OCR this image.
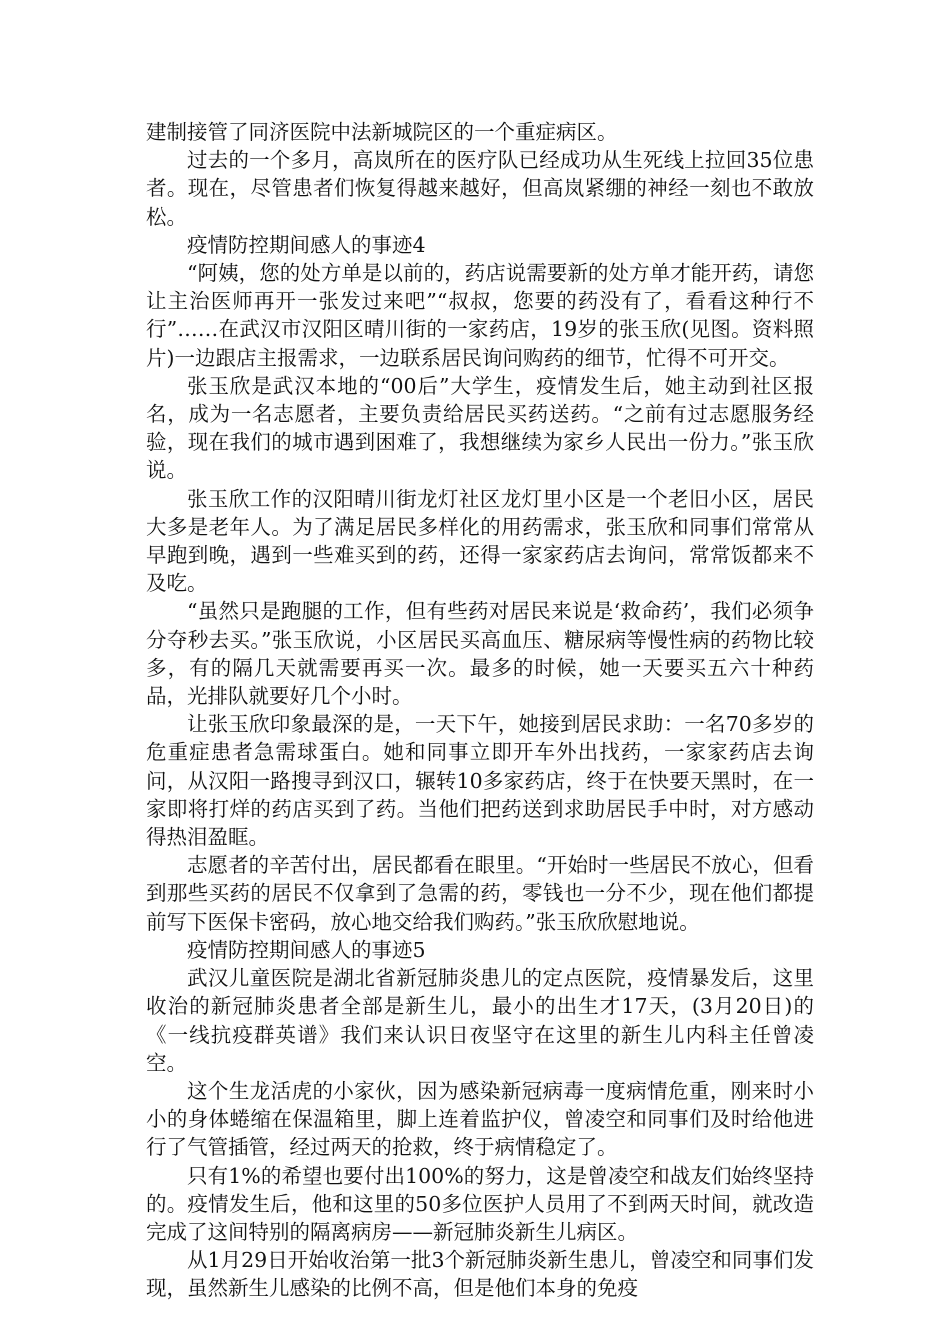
建制接管了同济医院中法新城院区的一个重症病区。

过去的一个多月，高岚所在的医疗队已经成功从生死线上拉回35位患者。现在，尽管患者们恢复得越来越好，但高岚紧绷的神经一刻也不敢放松。

疫情防控期间感人的事迹4

“阿姨，您的处方单是以前的，药店说需要新的处方单才能开药，请您让主治医师再开一张发过来吧”“叔叔，您要的药没有了，看看这种行不行”……在武汉市汉阳区晴川街的一家药店，19岁的张玉欣(见图。资料照片)一边跟店主报需求，一边联系居民询问购药的细节，忙得不可开交。

张玉欣是武汉本地的“00后”大学生，疫情发生后，她主动到社区报名，成为一名志愿者，主要负责给居民买药送药。“之前有过志愿服务经验，现在我们的城市遇到困难了，我想继续为家乡人民出一份力。”张玉欣说。

张玉欣工作的汉阳晴川街龙灯社区龙灯里小区是一个老旧小区，居民大多是老年人。为了满足居民多样化的用药需求，张玉欣和同事们常常从早跑到晚，遇到一些难买到的药，还得一家家药店去询问，常常饭都来不及吃。

“虽然只是跑腿的工作，但有些药对居民来说是‘救命药’，我们必须争分夺秒去买。”张玉欣说，小区居民买高血压、糖尿病等慢性病的药物比较多，有的隔几天就需要再买一次。最多的时候，她一天要买五六十种药品，光排队就要好几个小时。

让张玉欣印象最深的是，一天下午，她接到居民求助：一名70多岁的危重症患者急需球蛋白。她和同事立即开车外出找药，一家家药店去询问，从汉阳一路搜寻到汉口，辗转10多家药店，终于在快要天黑时，在一家即将打烊的药店买到了药。当他们把药送到求助居民手中时，对方感动得热泪盈眶。

志愿者的辛苦付出，居民都看在眼里。“开始时一些居民不放心，但看到那些买药的居民不仅拿到了急需的药，零钱也一分不少，现在他们都提前写下医保卡密码，放心地交给我们购药。”张玉欣欣慰地说。

疫情防控期间感人的事迹5

武汉儿童医院是湖北省新冠肺炎患儿的定点医院，疫情暴发后，这里收治的新冠肺炎患者全部是新生儿，最小的出生才17天，(3月20日)的《一线抗疫群英谱》我们来认识日夜坚守在这里的新生儿内科主任曾凌空。

这个生龙活虎的小家伙，因为感染新冠病毒一度病情危重，刚来时小小的身体蜷缩在保温箱里，脚上连着监护仪，曾凌空和同事们及时给他进行了气管插管，经过两天的抢救，终于病情稳定了。

只有1%的希望也要付出100%的努力，这是曾凌空和战友们始终坚持的。疫情发生后，他和这里的50多位医护人员用了不到两天时间，就改造完成了这间特别的隔离病房——新冠肺炎新生儿病区。

从1月29日开始收治第一批3个新冠肺炎新生患儿，曾凌空和同事们发现，虽然新生儿感染的比例不高，但是他们本身的免疫
